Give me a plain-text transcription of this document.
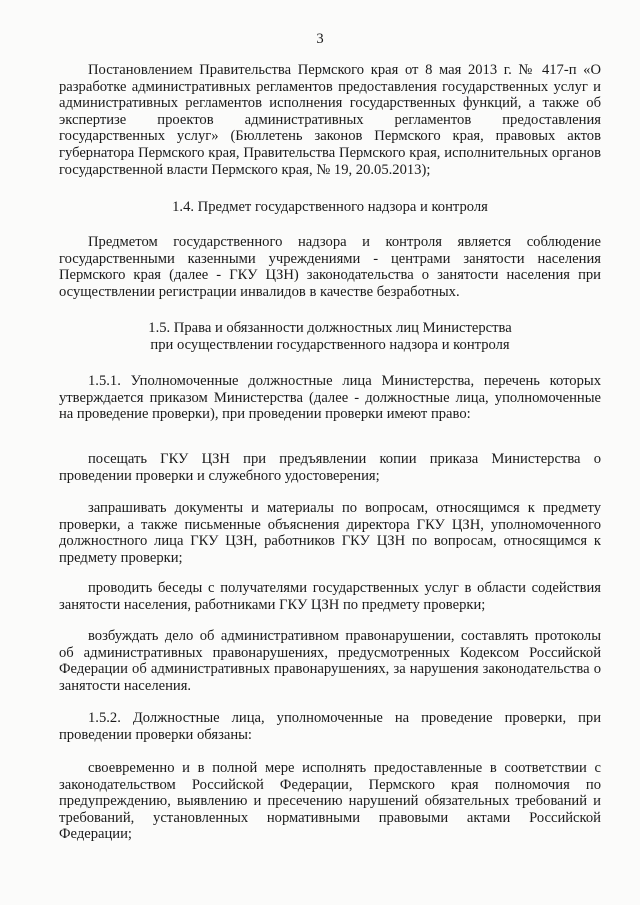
3

Постановлением Правительства Пермского края от 8 мая 2013 г. № 417-п «О разработке административных регламентов предоставления государственных услуг и административных регламентов исполнения государственных функций, а также об экспертизе проектов административных регламентов предоставления государственных услуг» (Бюллетень законов Пермского края, правовых актов губернатора Пермского края, Правительства Пермского края, исполнительных органов государственной власти Пермского края, № 19, 20.05.2013);

1.4. Предмет государственного надзора и контроля

Предметом государственного надзора и контроля является соблюдение государственными казенными учреждениями - центрами занятости населения Пермского края (далее - ГКУ ЦЗН) законодательства о занятости населения при осуществлении регистрации инвалидов в качестве безработных.

1.5. Права и обязанности должностных лиц Министерства

при осуществлении государственного надзора и контроля

1.5.1. Уполномоченные должностные лица Министерства, перечень которых утверждается приказом Министерства (далее - должностные лица, уполномоченные на проведение проверки), при проведении проверки имеют право:

посещать ГКУ ЦЗН при предъявлении копии приказа Министерства о проведении проверки и служебного удостоверения;

запрашивать документы и материалы по вопросам, относящимся к предмету проверки, а также письменные объяснения директора ГКУ ЦЗН, уполномоченного должностного лица ГКУ ЦЗН, работников ГКУ ЦЗН по вопросам, относящимся к предмету проверки;

проводить беседы с получателями государственных услуг в области содействия занятости населения, работниками ГКУ ЦЗН по предмету проверки;

возбуждать дело об административном правонарушении, составлять протоколы об административных правонарушениях, предусмотренных Кодексом Российской Федерации об административных правонарушениях, за нарушения законодательства о занятости населения.

1.5.2. Должностные лица, уполномоченные на проведение проверки, при проведении проверки обязаны:

своевременно и в полной мере исполнять предоставленные в соответствии с законодательством Российской Федерации, Пермского края полномочия по предупреждению, выявлению и пресечению нарушений обязательных требований и требований, установленных нормативными правовыми актами Российской Федерации;
